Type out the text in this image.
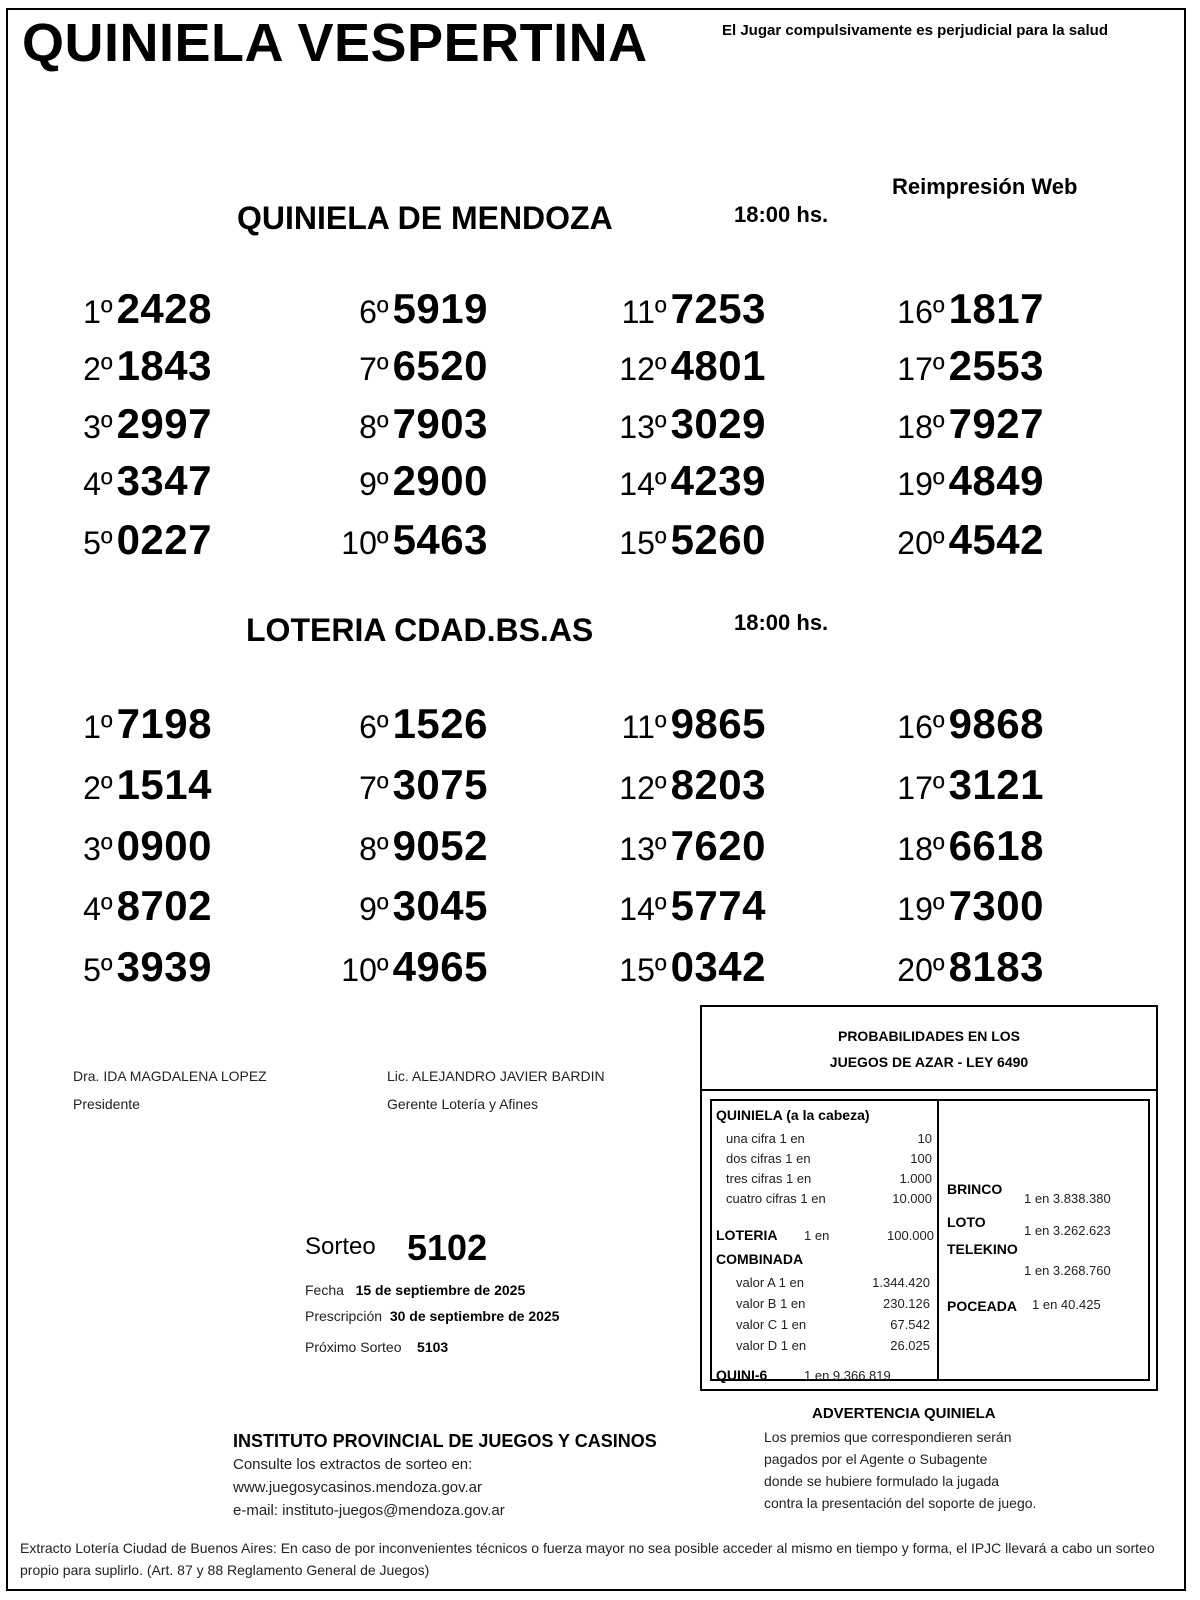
QUINIELA VESPERTINA	El Jugar compulsivamente es perjudicial para la salud
Reimpresión Web
QUINIELA DE MENDOZA	18:00 hs.
1º 2428
2º 1843
3º 2997
4º 3347
5º 0227
6º 5919
7º 6520
8º 7903
9º 2900
10º 5463
11º 7253
12º 4801
13º 3029
14º 4239
15º 5260
16º 1817
17º 2553
18º 7927
19º 4849
20º 4542
LOTERIA CDAD.BS.AS	18:00 hs.
1º 7198
2º 1514
3º 0900
4º 8702
5º 3939
6º 1526
7º 3075
8º 9052
9º 3045
10º 4965
11º 9865
12º 8203
13º 7620
14º 5774
15º 0342
16º 9868
17º 3121
18º 6618
19º 7300
20º 8183
Dra. IDA MAGDALENA LOPEZ
Presidente
Lic. ALEJANDRO JAVIER BARDIN
Gerente Lotería y Afines
Sorteo 5102
Fecha 15 de septiembre de 2025
Prescripción 30 de septiembre de 2025
Próximo Sorteo 5103
PROBABILIDADES EN LOS
JUEGOS DE AZAR - LEY 6490
QUINIELA (a la cabeza)
una cifra 1 en	10
dos cifras 1 en	100
tres cifras 1 en	1.000
cuatro cifras 1 en	10.000
LOTERIA 1 en	100.000
COMBINADA
valor A 1 en	1.344.420
valor B 1 en	230.126
valor C 1 en	67.542
valor D 1 en	26.025
QUINI-6	1 en 9.366.819
BRINCO
1 en 3.838.380
LOTO
1 en 3.262.623
TELEKINO
1 en 3.268.760
POCEADA 1 en 40.425
INSTITUTO PROVINCIAL DE JUEGOS Y CASINOS
Consulte los extractos de sorteo en:
www.juegosycasinos.mendoza.gov.ar
e-mail: instituto-juegos@mendoza.gov.ar
ADVERTENCIA QUINIELA
Los premios que correspondieren serán
pagados por el Agente o Subagente
donde se hubiere formulado la jugada
contra la presentación del soporte de juego.
Extracto Lotería Ciudad de Buenos Aires: En caso de por inconvenientes técnicos o fuerza mayor no sea posible acceder al mismo en tiempo y forma, el IPJC llevará a cabo un sorteo propio para suplirlo. (Art. 87 y 88 Reglamento General de Juegos)
